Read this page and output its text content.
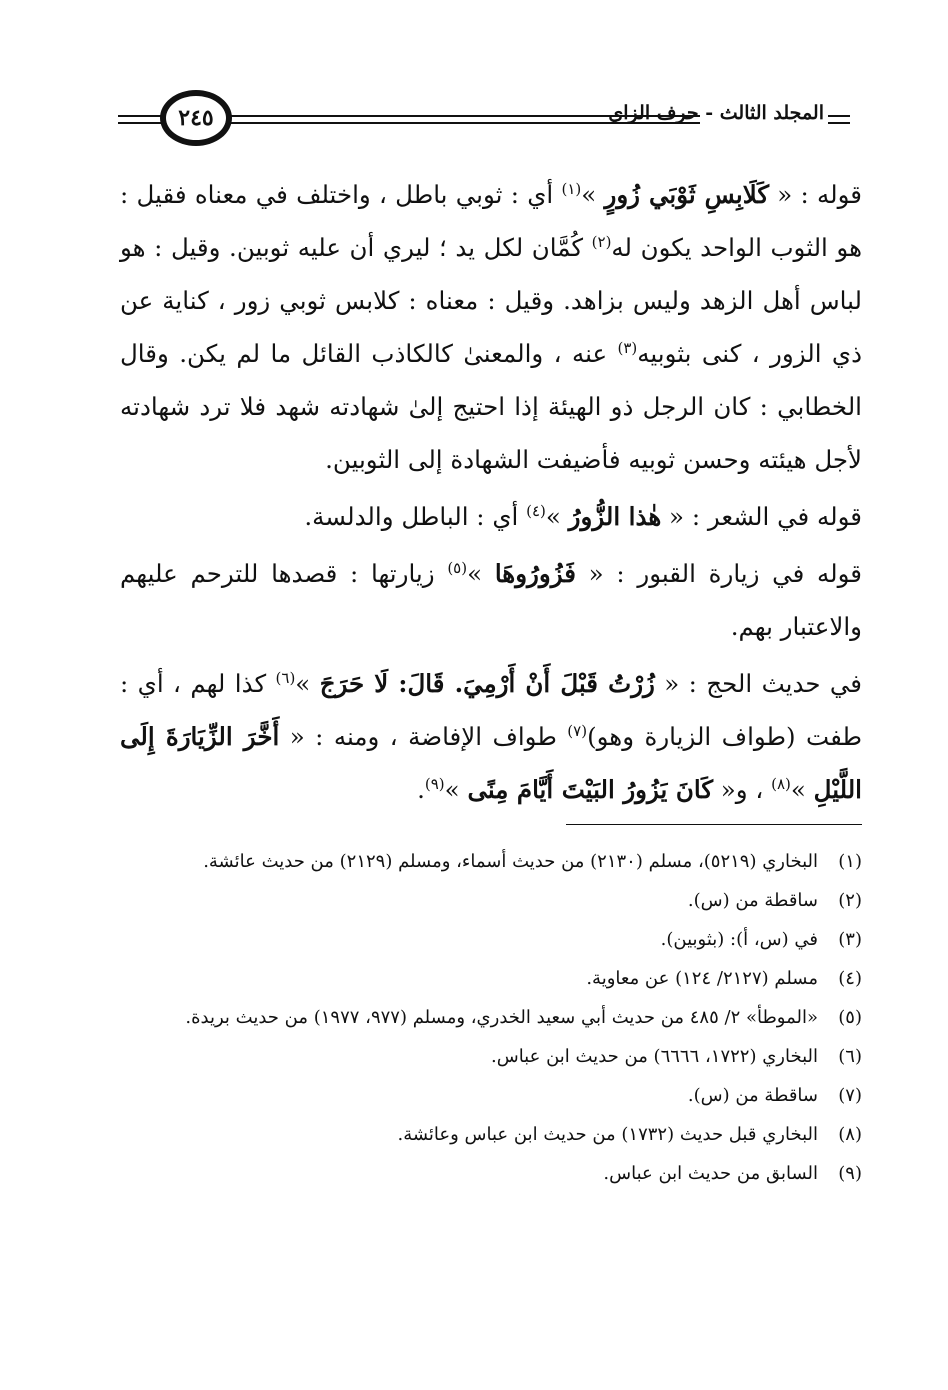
٢٤٥	المجلد الثالث - حرف الزاي

قوله : « كَلَابِسِ ثَوْبَي زُورٍ »$^{(١)}$ أي : ثوبي باطل ، واختلف في معناه فقيل : هو الثوب الواحد يكون له$^{(٢)}$ كُمَّان لكل يد ؛ ليري أن عليه ثوبين. وقيل : هو لباس أهل الزهد وليس بزاهد. وقيل : معناه : كلابس ثوبي زور ، كناية عن ذي الزور ، كنى بثوبيه$^{(٣)}$ عنه ، والمعنىٰ كالكاذب القائل ما لم يكن. وقال الخطابي : كان الرجل ذو الهيئة إذا احتيج إلىٰ شهادته شهد فلا ترد شهادته لأجل هيئته وحسن ثوبيه فأضيفت الشهادة إلى الثوبين.

قوله في الشعر : « هٰذا الزُّورُ »$^{(٤)}$ أي : الباطل والدلسة.

قوله في زيارة القبور : « فَزُورُوهَا »$^{(٥)}$ زيارتها : قصدها للترحم عليهم والاعتبار بهم.

في حديث الحج : « زُرْتُ قَبْلَ أَنْ أَرْمِيَ. قَالَ: لَا حَرَجَ »$^{(٦)}$ كذا لهم ، أي : طفت (طواف الزيارة وهو)$^{(٧)}$ طواف الإفاضة ، ومنه : « أَخَّرَ الزِّيَارَةَ إِلَى اللَّيْلِ »$^{(٨)}$ ، و« كَانَ يَزُورُ البَيْتَ أَيَّامَ مِنًى »$^{(٩)}$.

(١)
البخاري (٥٢١٩)، مسلم (٢١٣٠) من حديث أسماء، ومسلم (٢١٢٩) من حديث عائشة.
(٢)
ساقطة من (س).
(٣)
في (س، أ): (بثوبين).
(٤)
مسلم (٢١٢٧/ ١٢٤) عن معاوية.
(٥)
«الموطأ» ٢/ ٤٨٥ من حديث أبي سعيد الخدري، ومسلم (٩٧٧، ١٩٧٧) من حديث بريدة.
(٦)
البخاري (١٧٢٢، ٦٦٦٦) من حديث ابن عباس.
(٧)
ساقطة من (س).
(٨)
البخاري قبل حديث (١٧٣٢) من حديث ابن عباس وعائشة.
(٩)
السابق من حديث ابن عباس.
